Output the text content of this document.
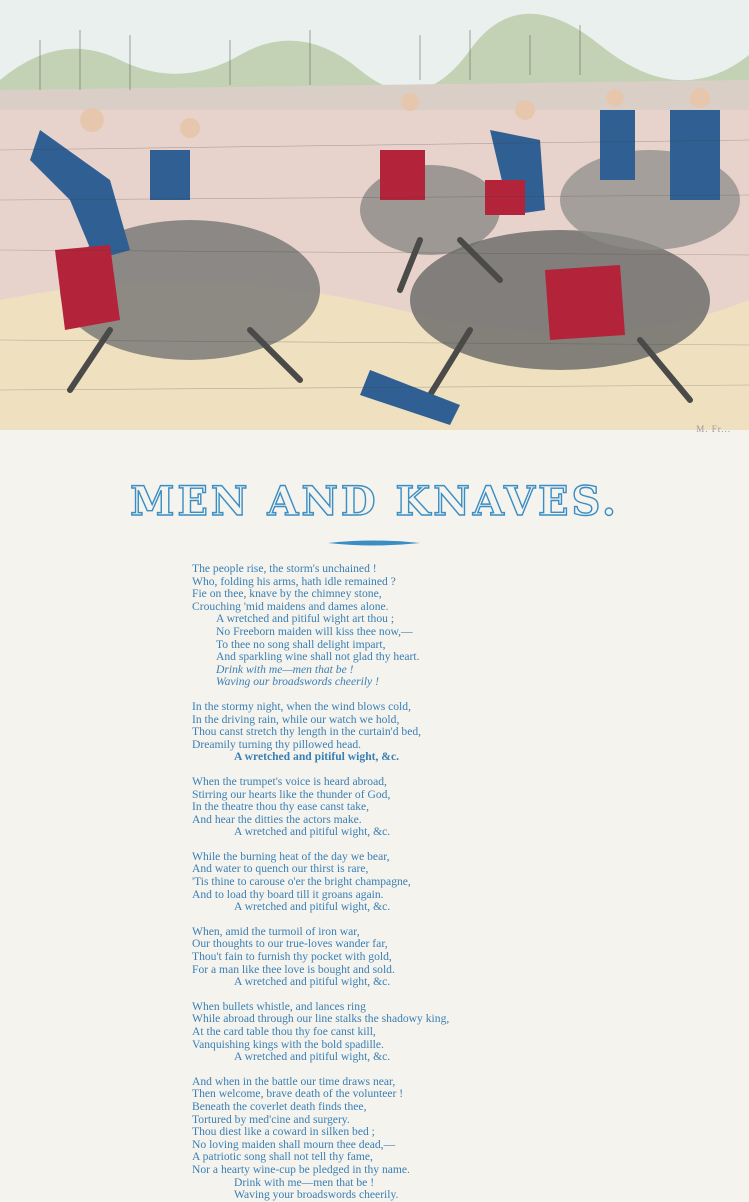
M. Fr...
MEN AND KNAVES.
The people rise, the storm's unchained !
Who, folding his arms, hath idle remained ?
Fie on thee, knave by the chimney stone,
Crouching 'mid maidens and dames alone.
A wretched and pitiful wight art thou ;
No Freeborn maiden will kiss thee now,—
To thee no song shall delight impart,
And sparkling wine shall not glad thy heart.
Drink with me—men that be !
Waving our broadswords cheerily !
In the stormy night, when the wind blows cold,
In the driving rain, while our watch we hold,
Thou canst stretch thy length in the curtain'd bed,
Dreamily turning thy pillowed head.
A wretched and pitiful wight, &c.
When the trumpet's voice is heard abroad,
Stirring our hearts like the thunder of God,
In the theatre thou thy ease canst take,
And hear the ditties the actors make.
A wretched and pitiful wight, &c.
While the burning heat of the day we bear,
And water to quench our thirst is rare,
'Tis thine to carouse o'er the bright champagne,
And to load thy board till it groans again.
A wretched and pitiful wight, &c.
When, amid the turmoil of iron war,
Our thoughts to our true-loves wander far,
Thou't fain to furnish thy pocket with gold,
For a man like thee love is bought and sold.
A wretched and pitiful wight, &c.
When bullets whistle, and lances ring
While abroad through our line stalks the shadowy king,
At the card table thou thy foe canst kill,
Vanquishing kings with the bold spadille.
A wretched and pitiful wight, &c.
And when in the battle our time draws near,
Then welcome, brave death of the volunteer !
Beneath the coverlet death finds thee,
Tortured by med'cine and surgery.
Thou diest like a coward in silken bed ;
No loving maiden shall mourn thee dead,—
A patriotic song shall not tell thy fame,
Nor a hearty wine-cup be pledged in thy name.
Drink with me—men that be !
Waving your broadswords cheerily.
